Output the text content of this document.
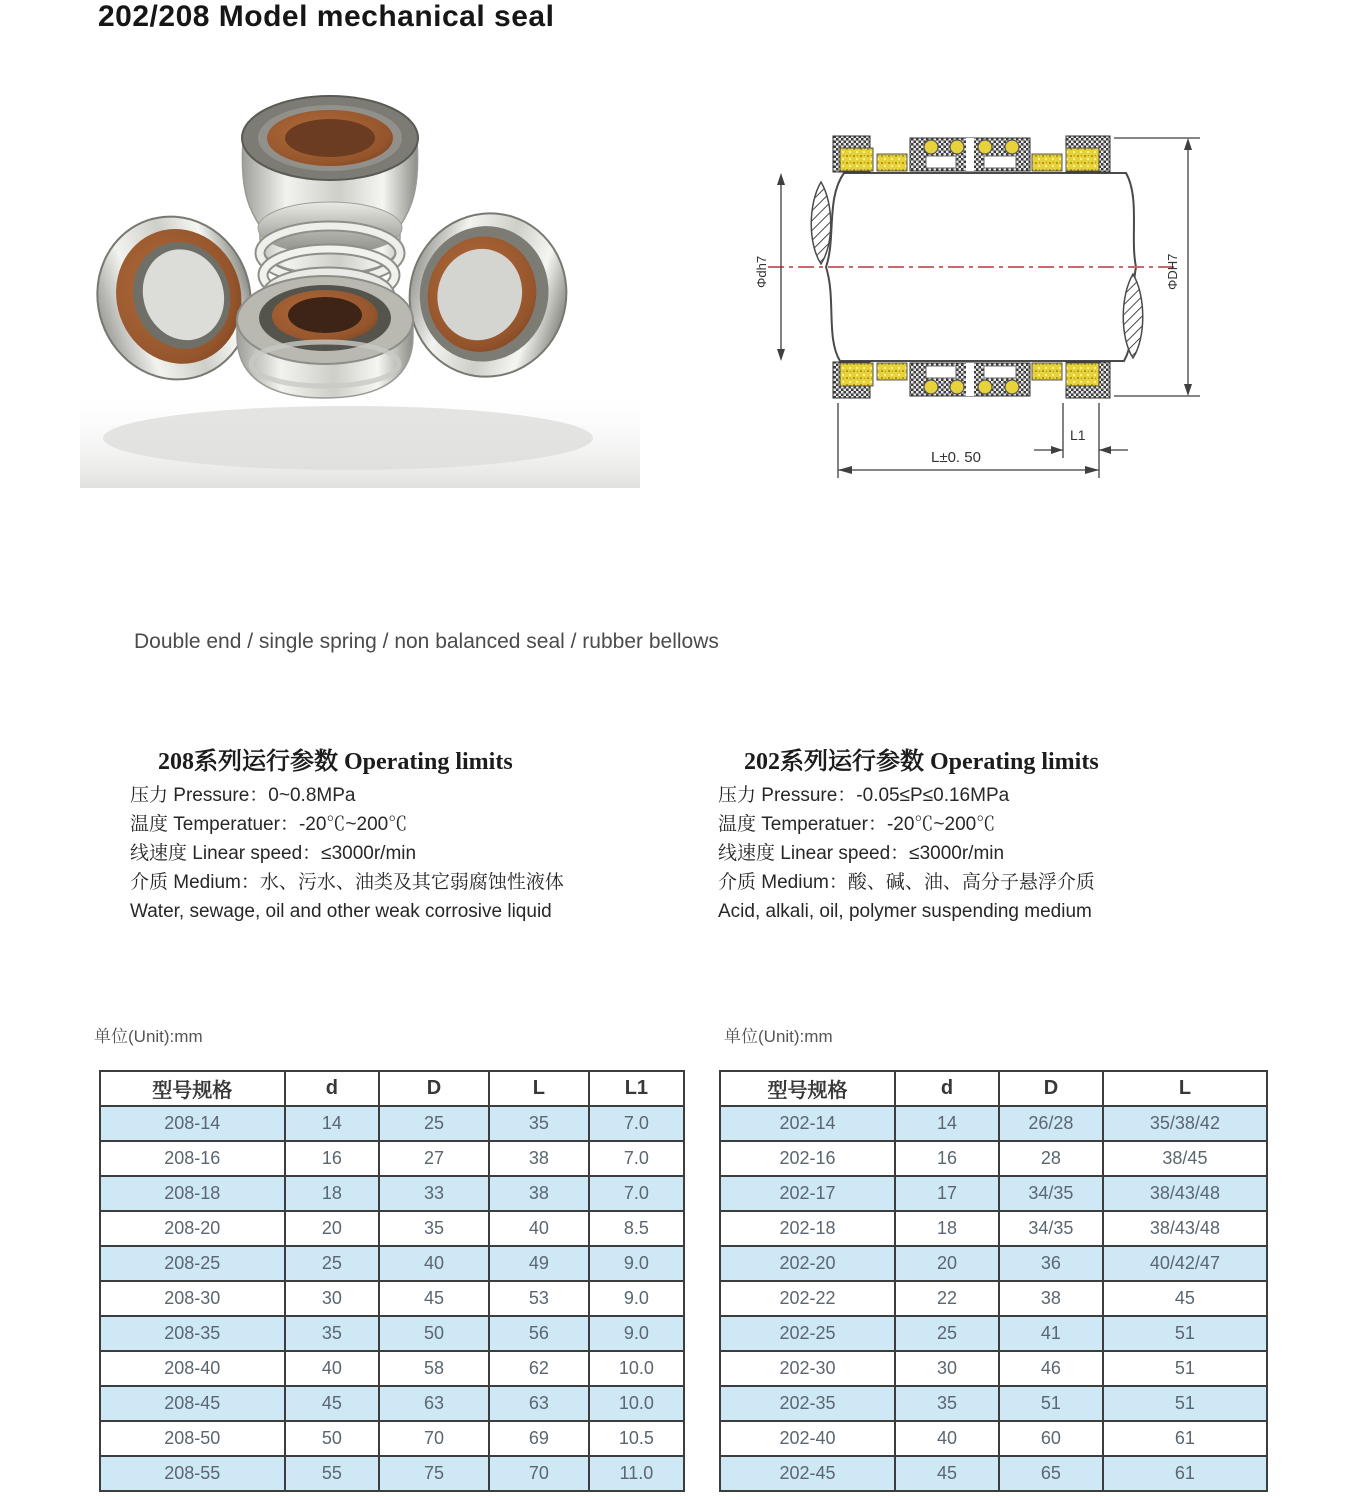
202/208 Model mechanical seal
Φdh7	ΦDH7
L1
L±0. 50

Double end / single spring / non balanced seal / rubber bellows

208系列运行参数 Operating limits
压力 Pressure：0~0.8MPa
温度 Temperatuer：-20℃~200℃
线速度 Linear speed：≤3000r/min
介质 Medium：水、污水、油类及其它弱腐蚀性液体
Water, sewage, oil and other weak corrosive liquid
202系列运行参数 Operating limits
压力 Pressure：-0.05≤P≤0.16MPa
温度 Temperatuer：-20℃~200℃
线速度 Linear speed：≤3000r/min
介质 Medium：酸、碱、油、高分子悬浮介质
Acid, alkali, oil, polymer suspending medium
单位(Unit):mm	单位(Unit):mm
型号规格	d	D	L	L1
208-14	14	25	35	7.0
208-16	16	27	38	7.0
208-18	18	33	38	7.0
208-20	20	35	40	8.5
208-25	25	40	49	9.0
208-30	30	45	53	9.0
208-35	35	50	56	9.0
208-40	40	58	62	10.0
208-45	45	63	63	10.0
208-50	50	70	69	10.5
208-55	55	75	70	11.0
型号规格	d	D	L
202-14	14	26/28	35/38/42
202-16	16	28	38/45
202-17	17	34/35	38/43/48
202-18	18	34/35	38/43/48
202-20	20	36	40/42/47
202-22	22	38	45
202-25	25	41	51
202-30	30	46	51
202-35	35	51	51
202-40	40	60	61
202-45	45	65	61
